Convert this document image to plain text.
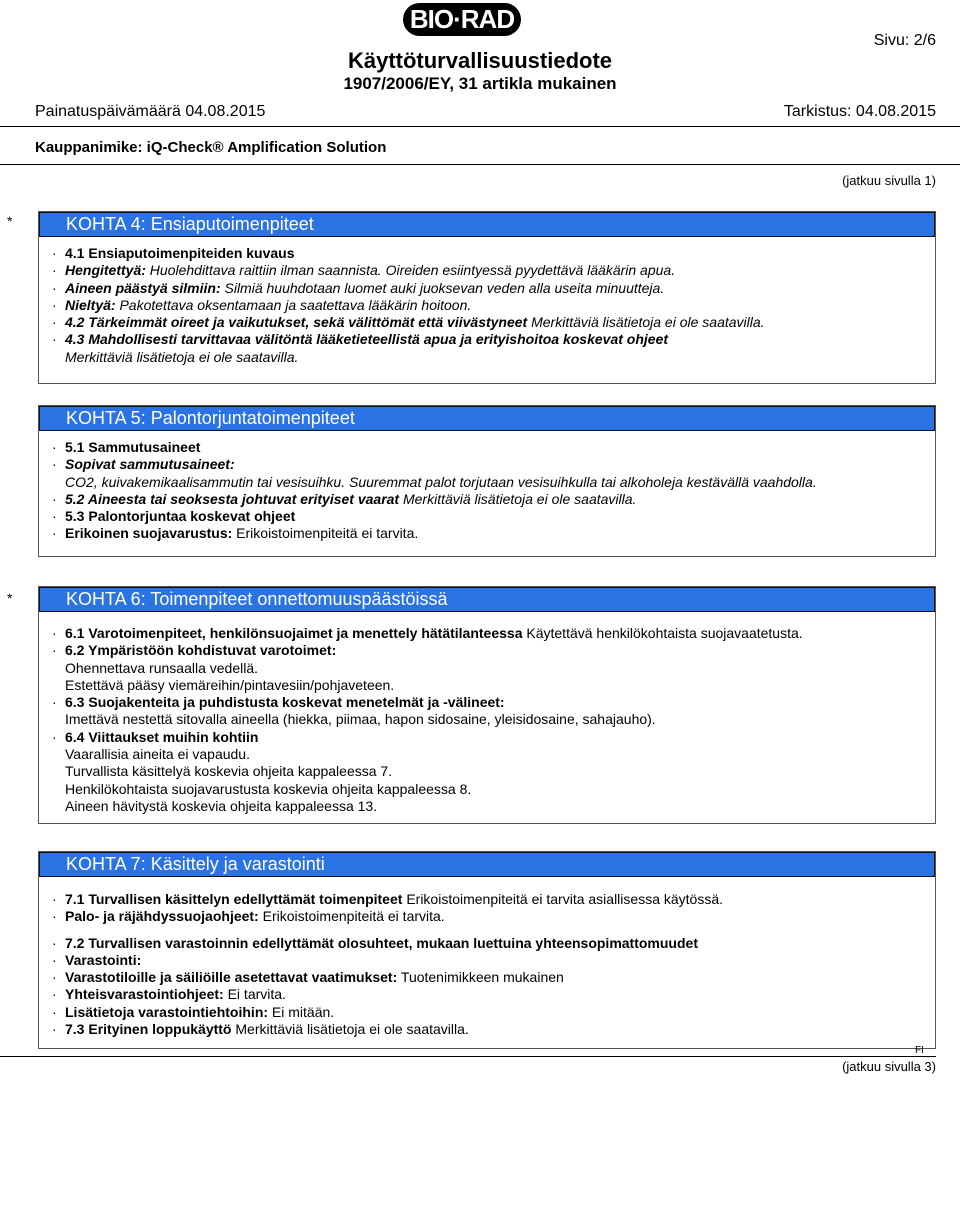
BIO·RAD
Käyttöturvallisuustiedote
1907/2006/EY, 31 artikla mukainen
Sivu: 2/6
Painatuspäivämäärä 04.08.2015	Tarkistus: 04.08.2015
Kauppanimike: iQ-Check® Amplification Solution
(jatkuu sivulla 1)
*	KOHTA 4: Ensiaputoimenpiteet
· 4.1 Ensiaputoimenpiteiden kuvaus
· Hengitettyä: Huolehdittava raittiin ilman saannista. Oireiden esiintyessä pyydettävä lääkärin apua.
· Aineen päästyä silmiin: Silmiä huuhdotaan luomet auki juoksevan veden alla useita minuutteja.
· Nieltyä: Pakotettava oksentamaan ja saatettava lääkärin hoitoon.
· 4.2 Tärkeimmät oireet ja vaikutukset, sekä välittömät että viivästyneet Merkittäviä lisätietoja ei ole saatavilla.
· 4.3 Mahdollisesti tarvittavaa välitöntä lääketieteellistä apua ja erityishoitoa koskevat ohjeet
Merkittäviä lisätietoja ei ole saatavilla.
KOHTA 5: Palontorjuntatoimenpiteet
· 5.1 Sammutusaineet
· Sopivat sammutusaineet:
CO2, kuivakemikaalisammutin tai vesisuihku. Suuremmat palot torjutaan vesisuihkulla tai alkoholeja kestävällä vaahdolla.
· 5.2 Aineesta tai seoksesta johtuvat erityiset vaarat Merkittäviä lisätietoja ei ole saatavilla.
· 5.3 Palontorjuntaa koskevat ohjeet
· Erikoinen suojavarustus: Erikoistoimenpiteitä ei tarvita.
*	KOHTA 6: Toimenpiteet onnettomuuspäästöissä
· 6.1 Varotoimenpiteet, henkilönsuojaimet ja menettely hätätilanteessa Käytettävä henkilökohtaista suojavaatetusta.
· 6.2 Ympäristöön kohdistuvat varotoimet:
Ohennettava runsaalla vedellä.
Estettävä pääsy viemäreihin/pintavesiin/pohjaveteen.
· 6.3 Suojakenteita ja puhdistusta koskevat menetelmät ja -välineet:
Imettävä nestettä sitovalla aineella (hiekka, piimaa, hapon sidosaine, yleisidosaine, sahajauho).
· 6.4 Viittaukset muihin kohtiin
Vaarallisia aineita ei vapaudu.
Turvallista käsittelyä koskevia ohjeita kappaleessa 7.
Henkilökohtaista suojavarustusta koskevia ohjeita kappaleessa 8.
Aineen hävitystä koskevia ohjeita kappaleessa 13.
KOHTA 7: Käsittely ja varastointi
· 7.1 Turvallisen käsittelyn edellyttämät toimenpiteet Erikoistoimenpiteitä ei tarvita asiallisessa käytössä.
· Palo- ja räjähdyssuojaohjeet: Erikoistoimenpiteitä ei tarvita.
· 7.2 Turvallisen varastoinnin edellyttämät olosuhteet, mukaan luettuina yhteensopimattomuudet
· Varastointi:
· Varastotiloille ja säiliöille asetettavat vaatimukset: Tuotenimikkeen mukainen
· Yhteisvarastointiohjeet: Ei tarvita.
· Lisätietoja varastointiehtoihin: Ei mitään.
· 7.3 Erityinen loppukäyttö Merkittäviä lisätietoja ei ole saatavilla.
FI
(jatkuu sivulla 3)
